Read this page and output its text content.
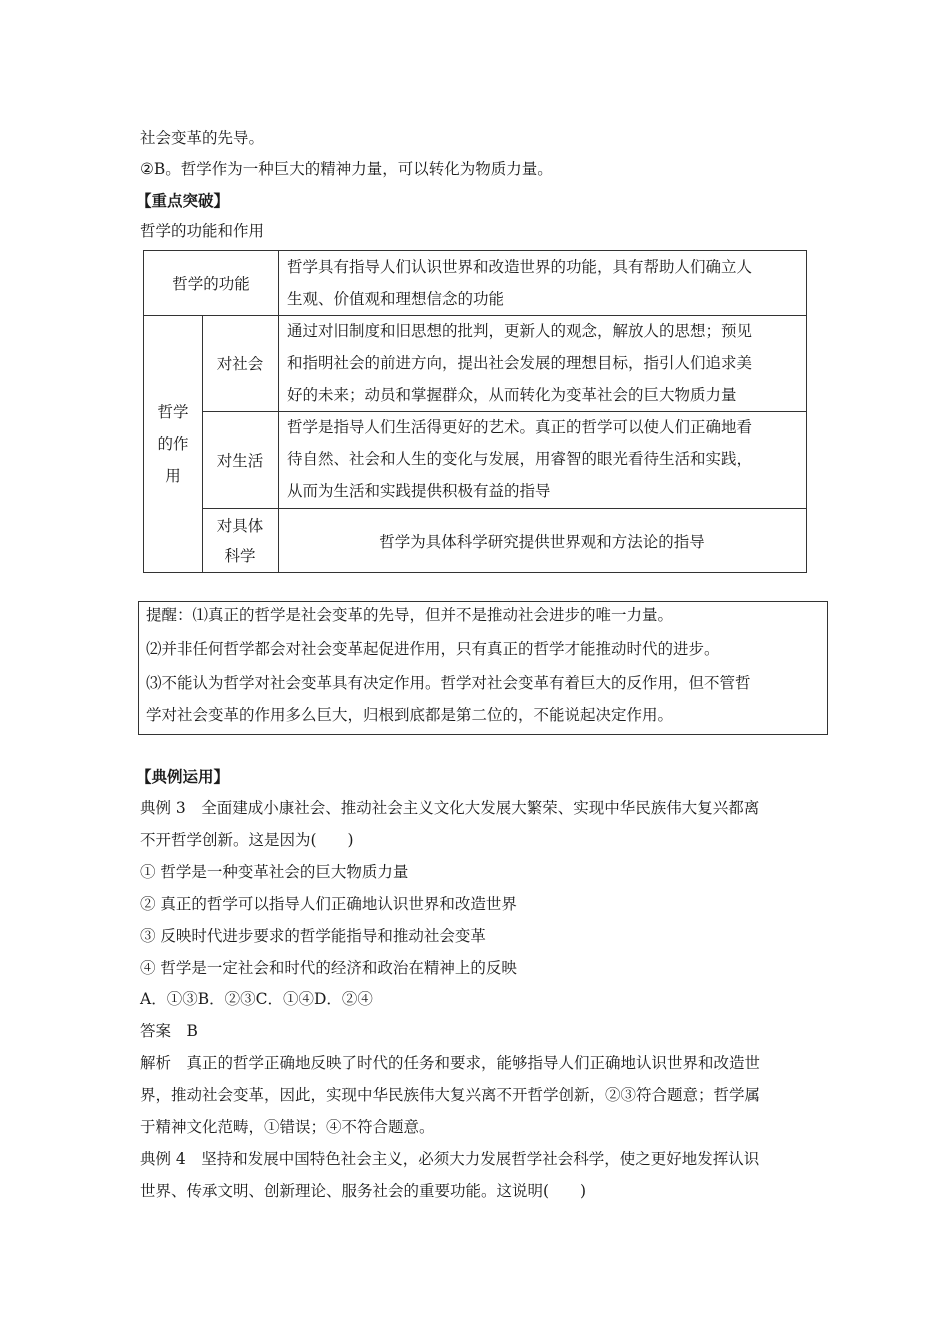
社会变革的先导。
②B。哲学作为一种巨大的精神力量，可以转化为物质力量。
【重点突破】
哲学的功能和作用
哲学的功能
哲学具有指导人们认识世界和改造世界的功能，具有帮助人们确立人
生观、价值观和理想信念的功能
哲学
的作
用
对社会
通过对旧制度和旧思想的批判，更新人的观念，解放人的思想；预见
和指明社会的前进方向，提出社会发展的理想目标，指引人们追求美
好的未来；动员和掌握群众，从而转化为变革社会的巨大物质力量
对生活
哲学是指导人们生活得更好的艺术。真正的哲学可以使人们正确地看
待自然、社会和人生的变化与发展，用睿智的眼光看待生活和实践，
从而为生活和实践提供积极有益的指导
对具体
科学
哲学为具体科学研究提供世界观和方法论的指导
提醒：⑴真正的哲学是社会变革的先导，但并不是推动社会进步的唯一力量。
⑵并非任何哲学都会对社会变革起促进作用，只有真正的哲学才能推动时代的进步。
⑶不能认为哲学对社会变革具有决定作用。哲学对社会变革有着巨大的反作用，但不管哲
学对社会变革的作用多么巨大，归根到底都是第二位的，不能说起决定作用。
【典例运用】
典例 3　全面建成小康社会、推动社会主义文化大发展大繁荣、实现中华民族伟大复兴都离
不开哲学创新。这是因为(　　)
① 哲学是一种变革社会的巨大物质力量
② 真正的哲学可以指导人们正确地认识世界和改造世界
③ 反映时代进步要求的哲学能指导和推动社会变革
④ 哲学是一定社会和时代的经济和政治在精神上的反映
A．①③B．②③C．①④D．②④
答案　B
解析　真正的哲学正确地反映了时代的任务和要求，能够指导人们正确地认识世界和改造世
界，推动社会变革，因此，实现中华民族伟大复兴离不开哲学创新，②③符合题意；哲学属
于精神文化范畴，①错误；④不符合题意。
典例 4　坚持和发展中国特色社会主义，必须大力发展哲学社会科学，使之更好地发挥认识
世界、传承文明、创新理论、服务社会的重要功能。这说明(　　)
